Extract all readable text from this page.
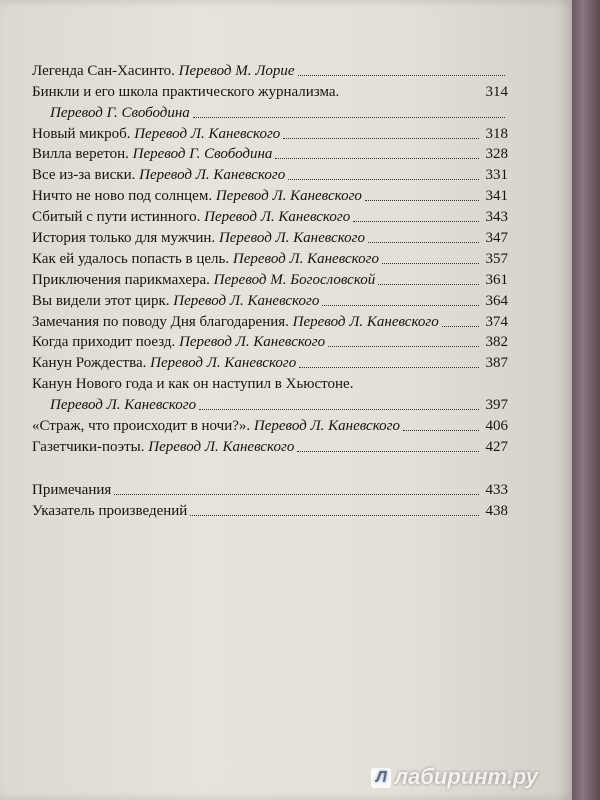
Легенда Сан-Хасинто. Перевод М. Лорие
Бинкли и его школа практического журнализма.	314
Перевод Г. Свободина
Новый микроб. Перевод Л. Каневского	318
Вилла веретон. Перевод Г. Свободина	328
Все из-за виски. Перевод Л. Каневского	331
Ничто не ново под солнцем. Перевод Л. Каневского	341
Сбитый с пути истинного. Перевод Л. Каневского	343
История только для мужчин. Перевод Л. Каневского	347
Как ей удалось попасть в цель. Перевод Л. Каневского	357
Приключения парикмахера. Перевод М. Богословской	361
Вы видели этот цирк. Перевод Л. Каневского	364
Замечания по поводу Дня благодарения. Перевод Л. Каневского	374
Когда приходит поезд. Перевод Л. Каневского	382
Канун Рождества. Перевод Л. Каневского	387
Канун Нового года и как он наступил в Хьюстоне.
Перевод Л. Каневского	397
«Страж, что происходит в ночи?». Перевод Л. Каневского	406
Газетчики-поэты. Перевод Л. Каневского	427
Примечания	433
Указатель произведений	438
Л лабиринт.ру
